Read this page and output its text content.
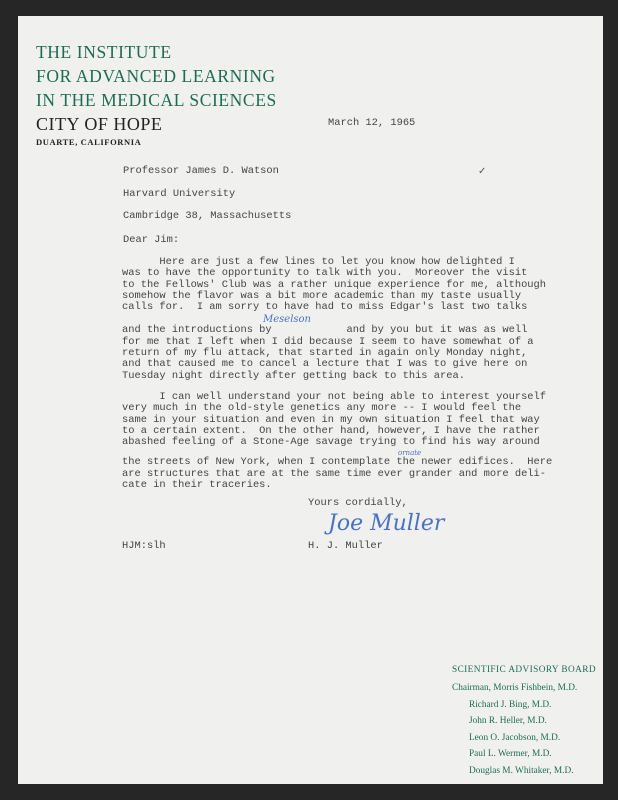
THE INSTITUTE
FOR ADVANCED LEARNING
IN THE MEDICAL SCIENCES
CITY OF HOPE
DUARTE, CALIFORNIA
March 12, 1965
✓

Professor James D. Watson

Harvard University

Cambridge 38, Massachusetts

Dear Jim:
Here are just a few lines to let you know how delighted I
was to have the opportunity to talk with you.  Moreover the visit
to the Fellows' Club was a rather unique experience for me, although
somehow the flavor was a bit more academic than my taste usually
calls for.  I am sorry to have had to miss Edgar's last two talks
and the introductions by            and by you but it was as well
for me that I left when I did because I seem to have somewhat of a
return of my flu attack, that started in again only Monday night,
and that caused me to cancel a lecture that I was to give here on
Tuesday night directly after getting back to this area.
Meselson
I can well understand your not being able to interest yourself
very much in the old-style genetics any more -- I would feel the
same in your situation and even in my own situation I feel that way
to a certain extent.  On the other hand, however, I have the rather
abashed feeling of a Stone-Age savage trying to find his way around
the streets of New York, when I contemplate the newer edifices.  Here
are structures that are at the same time ever grander and more deli-
cate in their traceries.
ornate
Yours cordially,
Joe Muller
HJM:slh	H. J. Muller
SCIENTIFIC ADVISORY BOARD
Chairman, Morris Fishbein, M.D.
Richard J. Bing, M.D.
John R. Heller, M.D.
Leon O. Jacobson, M.D.
Paul L. Wermer, M.D.
Douglas M. Whitaker, M.D.
